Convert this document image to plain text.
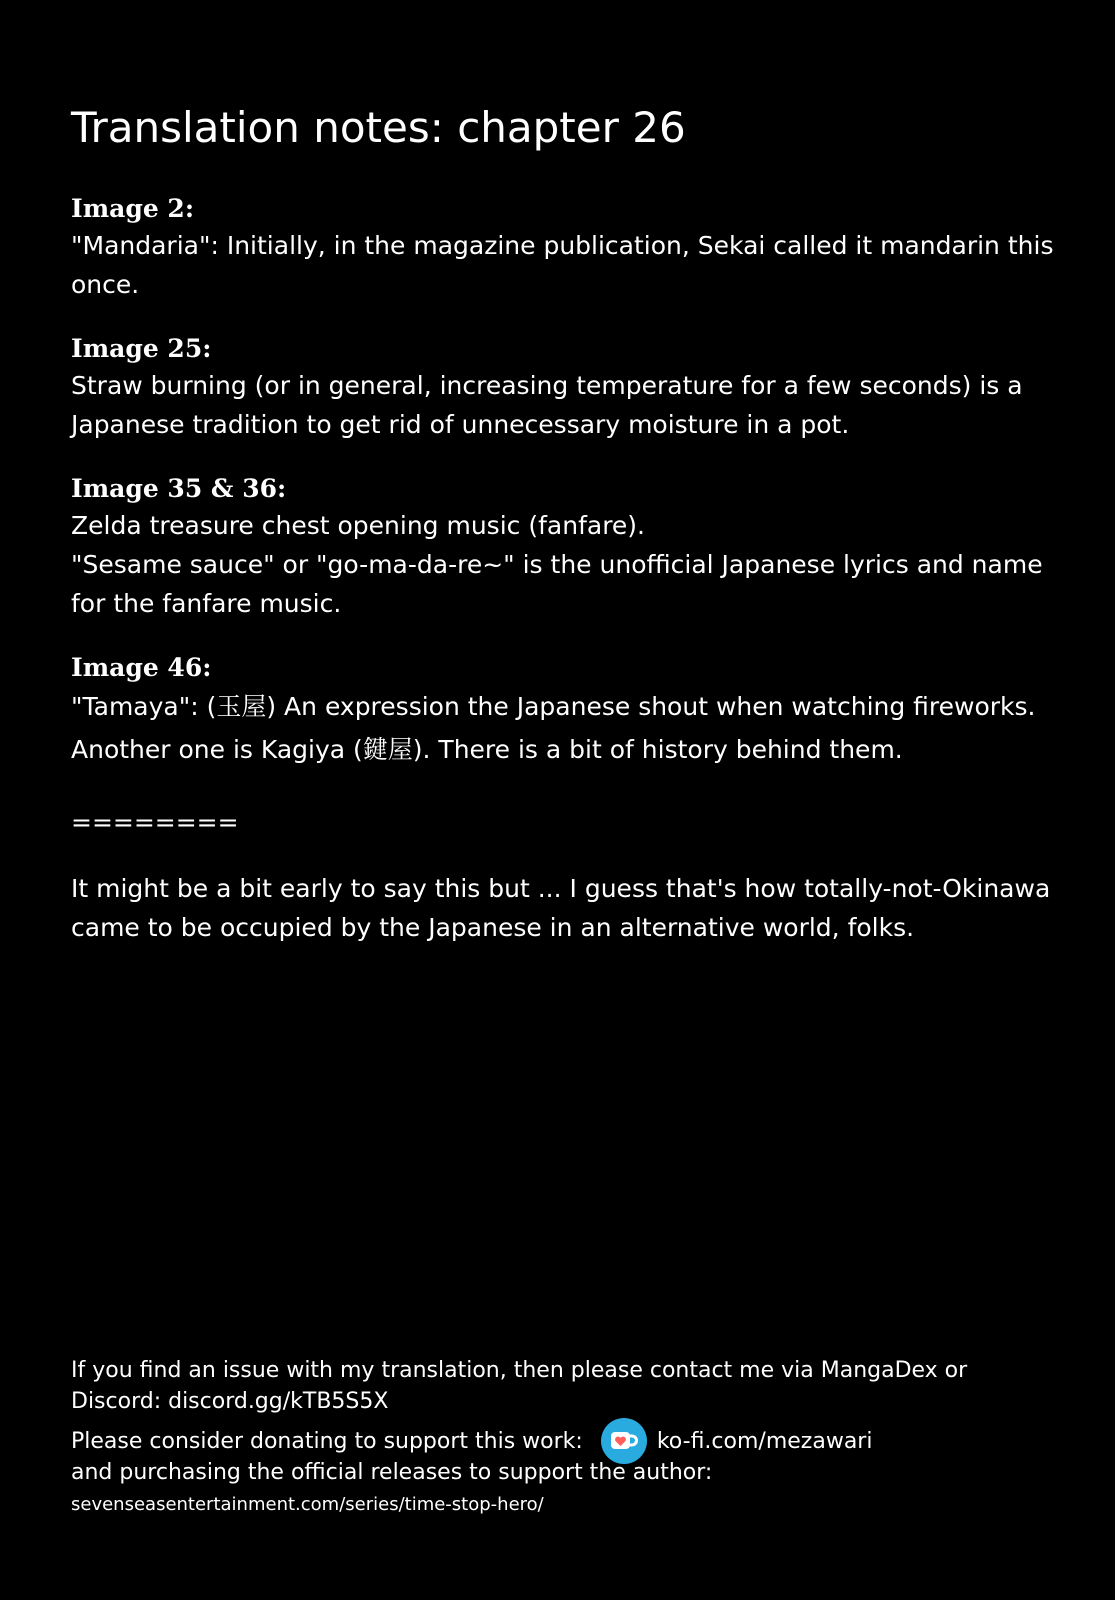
Translation notes: chapter 26

Image 2:

"Mandaria": Initially, in the magazine publication, Sekai called it mandarin this once.

Image 25:

Straw burning (or in general, increasing temperature for a few seconds) is a Japanese tradition to get rid of unnecessary moisture in a pot.

Image 35 & 36:

Zelda treasure chest opening music (fanfare).

"Sesame sauce" or "go-ma-da-re~" is the unofficial Japanese lyrics and name for the fanfare music.

Image 46:

"Tamaya": (玉屋) An expression the Japanese shout when watching fireworks.

Another one is Kagiya (鍵屋). There is a bit of history behind them.

========

It might be a bit early to say this but ... I guess that's how totally-not-Okinawa came to be occupied by the Japanese in an alternative world, folks.

If you find an issue with my translation, then please contact me via MangaDex or Discord: discord.gg/kTB5S5X

Please consider donating to support this work:	ko-fi.com/mezawari

and purchasing the official releases to support the author: sevenseasentertainment.com/series/time-stop-hero/
